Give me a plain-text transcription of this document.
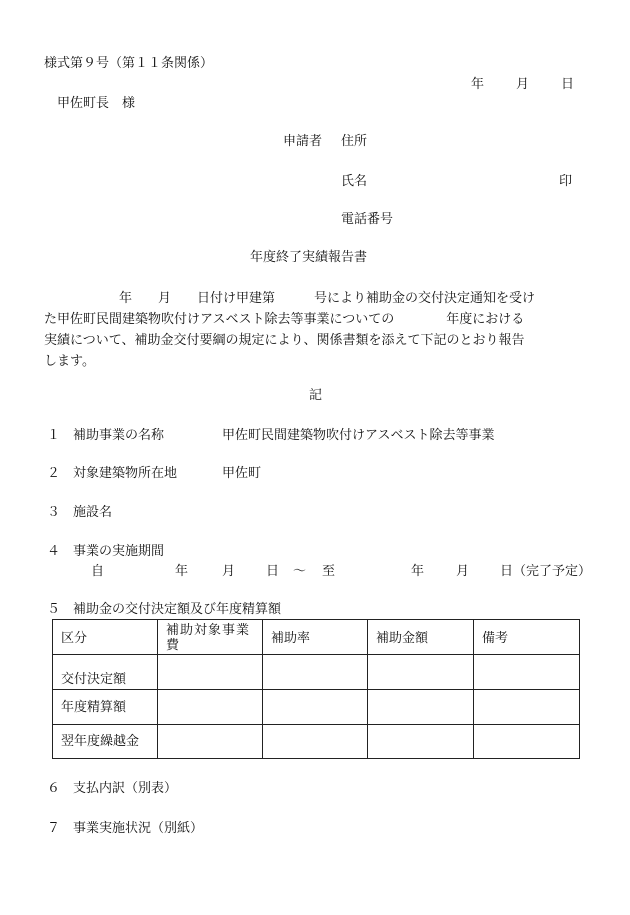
様式第９号（第１１条関係）
年 月 日
甲佐町長　様
申請者 住所
氏名	印
電話番号
年度終了実績報告書
年　　月　　日付け甲建第　　　号により補助金の交付決定通知を受け
た甲佐町民間建築物吹付けアスベスト除去等事業についての　　　　年度における
実績について、補助金交付要綱の規定により、関係書類を添えて下記のとおり報告
します。
記
１　補助事業の名称	甲佐町民間建築物吹付けアスベスト除去等事業
２　対象建築物所在地	甲佐町
３　施設名
４　事業の実施期間
自	年	月 日 〜 至	年 月 日（完了予定）
５　補助金の交付決定額及び年度精算額
区分	補助対象事業費	補助率	補助金額	備考
交付決定額				
年度精算額				
翌年度繰越金				
６　支払内訳（別表）
７　事業実施状況（別紙）
